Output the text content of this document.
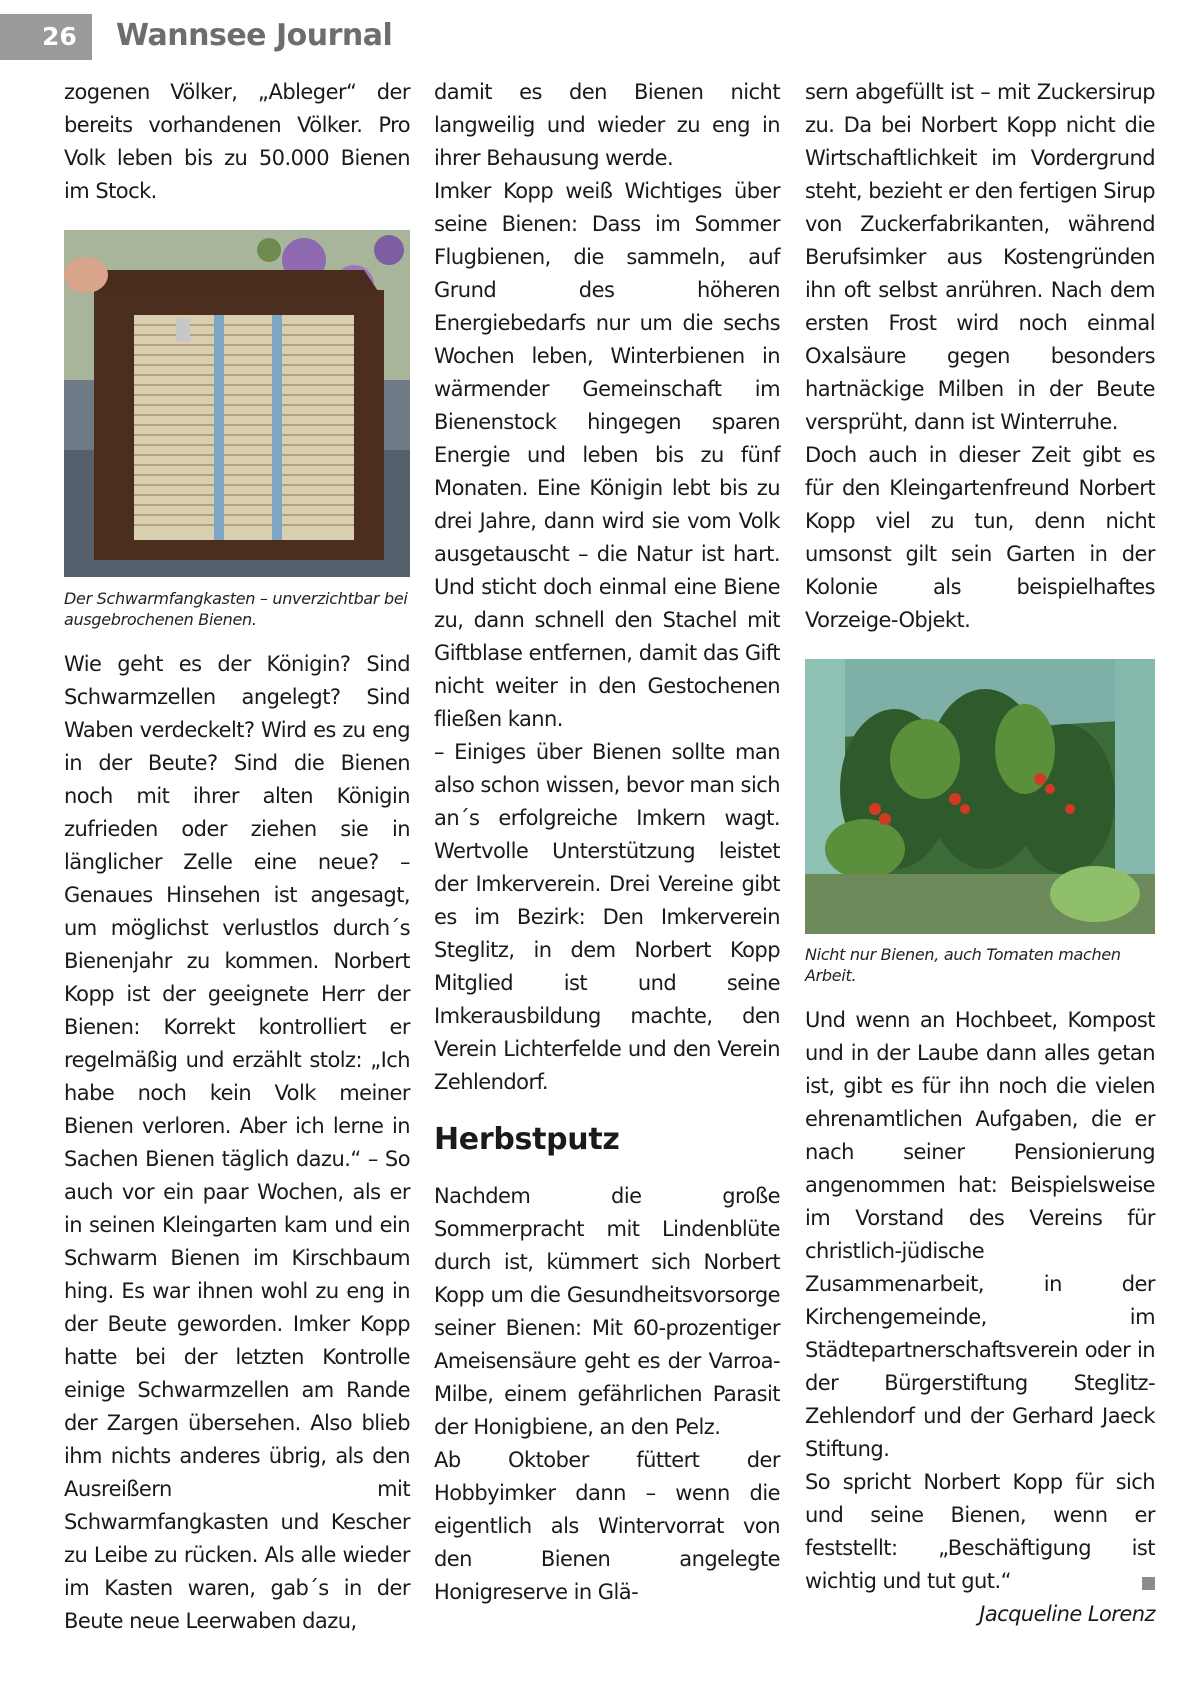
26	Wannsee Journal

zogenen Völker, „Ableger“ der bereits vorhandenen Völker. Pro Volk leben bis zu 50.000 Bienen im Stock.

Der Schwarmfangkasten – unverzichtbar bei ausgebrochenen Bienen.

Wie geht es der Königin? Sind Schwarmzellen angelegt? Sind Waben verdeckelt? Wird es zu eng in der Beute? Sind die Bienen noch mit ihrer alten Königin zufrieden oder ziehen sie in länglicher Zelle eine neue? – Genaues Hinsehen ist angesagt, um möglichst verlustlos durch´s Bienenjahr zu kommen. Norbert Kopp ist der geeignete Herr der Bienen: Korrekt kontrolliert er regelmäßig und erzählt stolz: „Ich habe noch kein Volk meiner Bienen verloren. Aber ich lerne in Sachen Bienen täglich dazu.“ – So auch vor ein paar Wochen, als er in seinen Kleingarten kam und ein Schwarm Bienen im Kirschbaum hing. Es war ihnen wohl zu eng in der Beute geworden. Imker Kopp hatte bei der letzten Kontrolle einige Schwarmzellen am Rande der Zargen übersehen. Also blieb ihm nichts anderes übrig, als den Ausreißern mit Schwarmfangkasten und Kescher zu Leibe zu rücken. Als alle wieder im Kasten waren, gab´s in der Beute neue Leerwaben dazu,

damit es den Bienen nicht langweilig und wieder zu eng in ihrer Behausung werde.

Imker Kopp weiß Wichtiges über seine Bienen: Dass im Sommer Flugbienen, die sammeln, auf Grund des höheren Energiebedarfs nur um die sechs Wochen leben, Winterbienen in wärmender Gemeinschaft im Bienenstock hingegen sparen Energie und leben bis zu fünf Monaten. Eine Königin lebt bis zu drei Jahre, dann wird sie vom Volk ausgetauscht – die Natur ist hart. Und sticht doch einmal eine Biene zu, dann schnell den Stachel mit Giftblase entfernen, damit das Gift nicht weiter in den Gestochenen fließen kann.

– Einiges über Bienen sollte man also schon wissen, bevor man sich an´s erfolgreiche Imkern wagt. Wertvolle Unterstützung leistet der Imkerverein. Drei Vereine gibt es im Bezirk: Den Imkerverein Steglitz, in dem Norbert Kopp Mitglied ist und seine Imkerausbildung machte, den Verein Lichterfelde und den Verein Zehlendorf.

Herbstputz

Nachdem die große Sommerpracht mit Lindenblüte durch ist, kümmert sich Norbert Kopp um die Gesundheitsvorsorge seiner Bienen: Mit 60-prozentiger Ameisensäure geht es der Varroa-Milbe, einem gefährlichen Parasit der Honigbiene, an den Pelz.

Ab Oktober füttert der Hobbyimker dann – wenn die eigentlich als Wintervorrat von den Bienen angelegte Honigreserve in Glä-

sern abgefüllt ist – mit Zuckersirup zu. Da bei Norbert Kopp nicht die Wirtschaftlichkeit im Vordergrund steht, bezieht er den fertigen Sirup von Zuckerfabrikanten, während Berufsimker aus Kostengründen ihn oft selbst anrühren. Nach dem ersten Frost wird noch einmal Oxalsäure gegen besonders hartnäckige Milben in der Beute versprüht, dann ist Winterruhe.

Doch auch in dieser Zeit gibt es für den Kleingartenfreund Norbert Kopp viel zu tun, denn nicht umsonst gilt sein Garten in der Kolonie als beispielhaftes Vorzeige-Objekt.

Nicht nur Bienen, auch Tomaten machen Arbeit.

Und wenn an Hochbeet, Kompost und in der Laube dann alles getan ist, gibt es für ihn noch die vielen ehrenamtlichen Aufgaben, die er nach seiner Pensionierung angenommen hat: Beispielsweise im Vorstand des Vereins für christlich-jüdische Zusammenarbeit, in der Kirchengemeinde, im Städtepartnerschaftsverein oder in der Bürgerstiftung Steglitz-Zehlendorf und der Gerhard Jaeck Stiftung.

So spricht Norbert Kopp für sich und seine Bienen, wenn er feststellt: „Beschäftigung ist wichtig und tut gut.“

Jacqueline Lorenz
